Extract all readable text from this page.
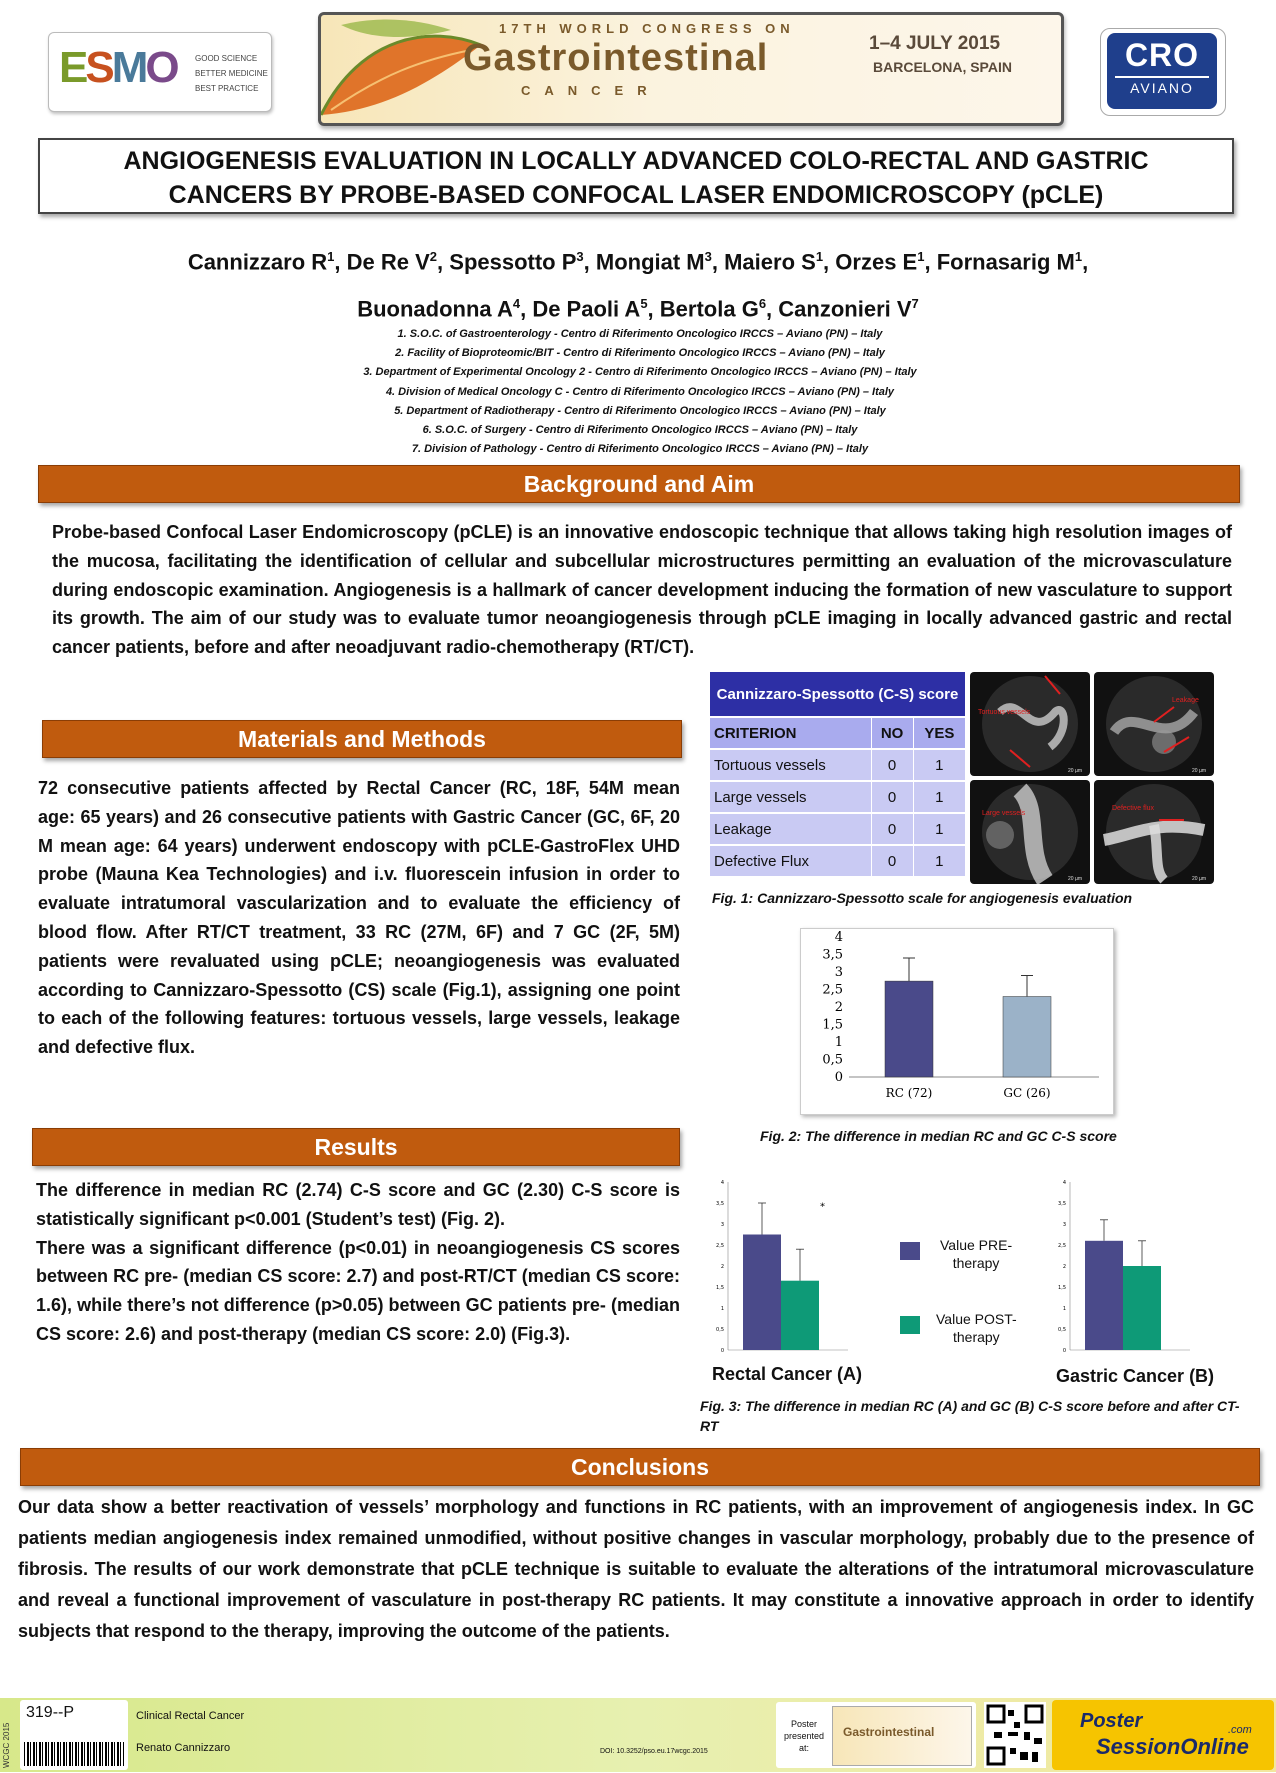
ESMO GOOD SCIENCE
BETTER MEDICINE
BEST PRACTICE
17TH WORLD CONGRESS ON
Gastrointestinal
CANCER
1–4 JULY 2015
BARCELONA, SPAIN	CRO
AVIANO
ANGIOGENESIS EVALUATION IN LOCALLY ADVANCED COLO-RECTAL AND GASTRIC
CANCERS BY PROBE-BASED CONFOCAL LASER ENDOMICROSCOPY (pCLE)
Cannizzaro $R^1$, De Re $V^2$, Spessotto $P^3$, Mongiat $M^3$, Maiero $S^1$, Orzes $E^1$, Fornasarig $M^1$,
Buonadonna $A^4$, De Paoli $A^5$, Bertola $G^6$, Canzonieri $V^7$
1. S.O.C. of Gastroenterology - Centro di Riferimento Oncologico IRCCS – Aviano (PN) – Italy
2. Facility of Bioproteomic/BIT - Centro di Riferimento Oncologico IRCCS – Aviano (PN) – Italy
3. Department of Experimental Oncology 2 - Centro di Riferimento Oncologico IRCCS – Aviano (PN) – Italy
4. Division of Medical Oncology C - Centro di Riferimento Oncologico IRCCS – Aviano (PN) – Italy
5. Department of Radiotherapy - Centro di Riferimento Oncologico IRCCS – Aviano (PN) – Italy
6. S.O.C. of Surgery - Centro di Riferimento Oncologico IRCCS – Aviano (PN) – Italy
7. Division of Pathology - Centro di Riferimento Oncologico IRCCS – Aviano (PN) – Italy
Background and Aim
Probe-based Confocal Laser Endomicroscopy (pCLE) is an innovative endoscopic technique that allows taking high resolution images of the mucosa, facilitating the identification of cellular and subcellular microstructures permitting an evaluation of the microvasculature during endoscopic examination. Angiogenesis is a hallmark of cancer development inducing the formation of new vasculature to support its growth. The aim of our study was to evaluate tumor neoangiogenesis through pCLE imaging in locally advanced gastric and rectal cancer patients, before and after neoadjuvant radio-chemotherapy (RT/CT).
Materials and Methods
72 consecutive patients affected by Rectal Cancer (RC, 18F, 54M mean age: 65 years) and 26 consecutive patients with Gastric Cancer (GC, 6F, 20 M mean age: 64 years) underwent endoscopy with pCLE-GastroFlex UHD probe (Mauna Kea Technologies) and i.v. fluorescein infusion in order to evaluate intratumoral vascularization and to evaluate the efficiency of blood flow. After RT/CT treatment, 33 RC (27M, 6F) and 7 GC (2F, 5M) patients were revaluated using pCLE; neoangiogenesis was evaluated according to Cannizzaro-Spessotto (CS) scale (Fig.1), assigning one point to each of the following features: tortuous vessels, large vessels, leakage and defective flux.
Results
The difference in median RC (2.74) C-S score and GC (2.30) C-S score is statistically significant p<0.001 (Student’s test) (Fig. 2).
There was a significant difference (p<0.01) in neoangiogenesis CS scores between RC pre- (median CS score: 2.7) and post-RT/CT (median CS score: 1.6), while there’s not difference (p>0.05) between GC patients pre- (median CS score: 2.6) and post-therapy (median CS score: 2.0) (Fig.3).
Cannizzaro-Spessotto (C-S) score		
CRITERION	NO	YES
Tortuous vessels	0	1
Large vessels	0	1
Leakage	0	1
Defective Flux	0	1
Tortuous vessels
20 µm
Leakage
20 µm
Large vessels
20 µm
Defective flux
20 µm
Fig. 1: Cannizzaro-Spessotto scale for angiogenesis evaluation
0
0,5
1
1,5
2
2,5
3
3,5
4
RC (72)	GC (26)
Fig. 2: The difference in median RC and GC C-S score
0
0,5
1
1,5
2
2,5
3
3,5
4
*
0
0,5
1
1,5
2
2,5
3
3,5
4
Value PRE-
therapy
Value POST-
therapy
Rectal Cancer (A)	Gastric Cancer (B)
Fig. 3: The difference in median RC (A) and GC (B) C-S score before and after CT-RT
Conclusions
Our data show a better reactivation of vessels’ morphology and functions in RC patients, with an improvement of angiogenesis index. In GC patients median angiogenesis index remained unmodified, without positive changes in vascular morphology, probably due to the presence of fibrosis. The results of our work demonstrate that pCLE technique is suitable to evaluate the alterations of the intratumoral microvasculature and reveal a functional improvement of vasculature in post-therapy RC patients. It may constitute a innovative approach in order to identify subjects that respond to the therapy, improving the outcome of the patients.
WCGC 2015
319--P	Clinical Rectal Cancer
Renato Cannizzaro	DOI: 10.3252/pso.eu.17wcgc.2015
Poster
presented at:
Gastrointestinal	Poster
SessionOnline
.com
